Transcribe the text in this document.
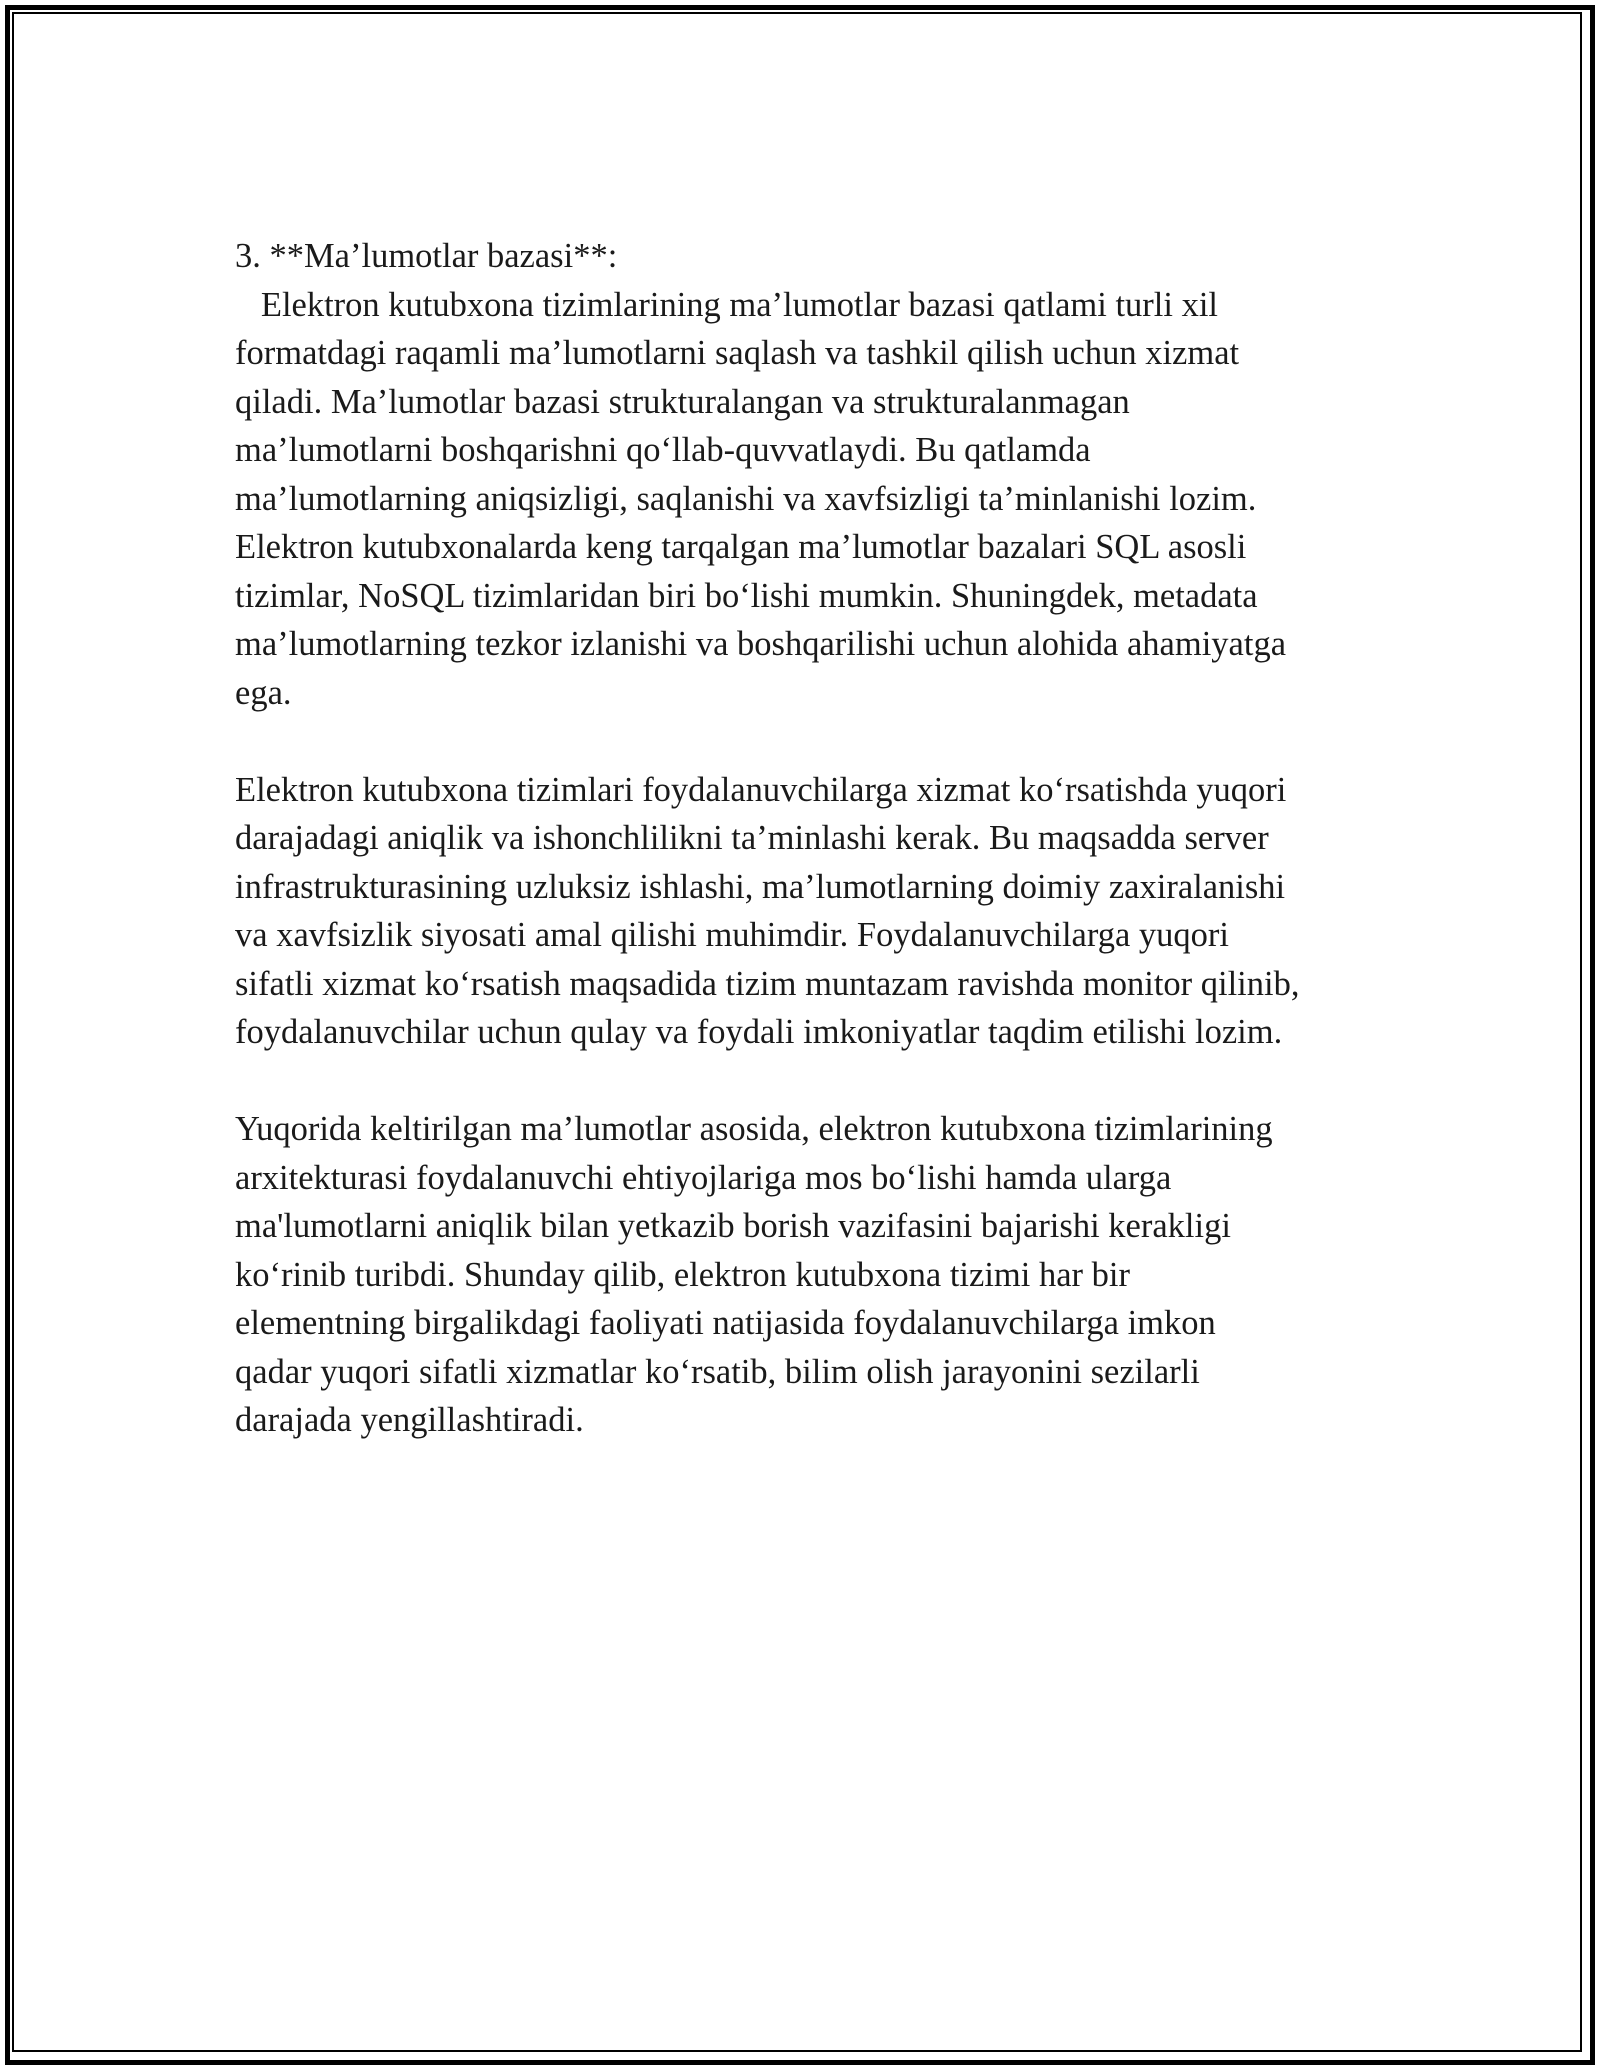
3. **Ma’lumotlar bazasi**:

Elektron kutubxona tizimlarining ma’lumotlar bazasi qatlami turli xil
formatdagi raqamli ma’lumotlarni saqlash va tashkil qilish uchun xizmat
qiladi. Ma’lumotlar bazasi strukturalangan va strukturalanmagan
ma’lumotlarni boshqarishni qo‘llab-quvvatlaydi. Bu qatlamda
ma’lumotlarning aniqsizligi, saqlanishi va xavfsizligi ta’minlanishi lozim.
Elektron kutubxonalarda keng tarqalgan ma’lumotlar bazalari SQL asosli
tizimlar, NoSQL tizimlaridan biri bo‘lishi mumkin. Shuningdek, metadata
ma’lumotlarning tezkor izlanishi va boshqarilishi uchun alohida ahamiyatga
ega.

Elektron kutubxona tizimlari foydalanuvchilarga xizmat ko‘rsatishda yuqori
darajadagi aniqlik va ishonchlilikni ta’minlashi kerak. Bu maqsadda server
infrastrukturasining uzluksiz ishlashi, ma’lumotlarning doimiy zaxiralanishi
va xavfsizlik siyosati amal qilishi muhimdir. Foydalanuvchilarga yuqori
sifatli xizmat ko‘rsatish maqsadida tizim muntazam ravishda monitor qilinib,
foydalanuvchilar uchun qulay va foydali imkoniyatlar taqdim etilishi lozim.

Yuqorida keltirilgan ma’lumotlar asosida, elektron kutubxona tizimlarining
arxitekturasi foydalanuvchi ehtiyojlariga mos bo‘lishi hamda ularga
ma'lumotlarni aniqlik bilan yetkazib borish vazifasini bajarishi kerakligi
ko‘rinib turibdi. Shunday qilib, elektron kutubxona tizimi har bir
elementning birgalikdagi faoliyati natijasida foydalanuvchilarga imkon
qadar yuqori sifatli xizmatlar ko‘rsatib, bilim olish jarayonini sezilarli
darajada yengillashtiradi.
